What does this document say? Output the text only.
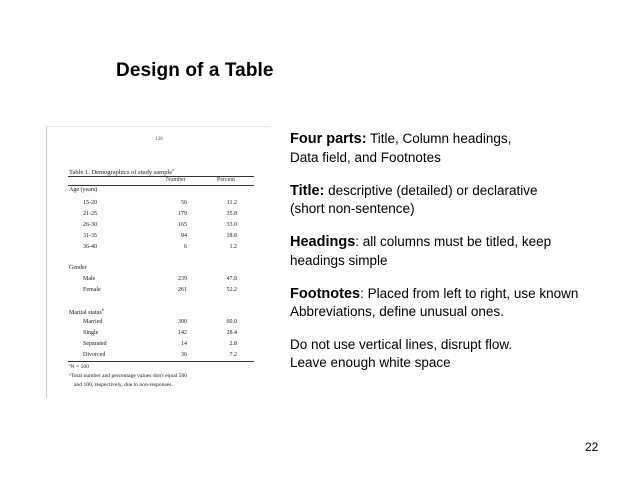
Design of a Table
128
Table 1. Demographics of study sample$^a$
Number	Percent
Age (years)
15-20	56	11.2
21-25	179	35.8
26-30	165	33.0
31-35	94	18.8
36-40	6	1.2
Gender
Male	239	47.8
Female	261	52.2
Marital status$^b$
Married	300	60.0
Single	142	28.4
Separated	14	2.8
Divorced	36	7.2
ªN = 500
ᵇTotal number and percentage values don't equal 500
and 100, respectively, due to non-responses.
Four parts: Title, Column headings,
Data field, and Footnotes
Title: descriptive (detailed) or declarative
(short non-sentence)
Headings: all columns must be titled, keep
headings simple
Footnotes: Placed from left to right, use known
Abbreviations, define unusual ones.
Do not use vertical lines, disrupt flow.
Leave enough white space
22
